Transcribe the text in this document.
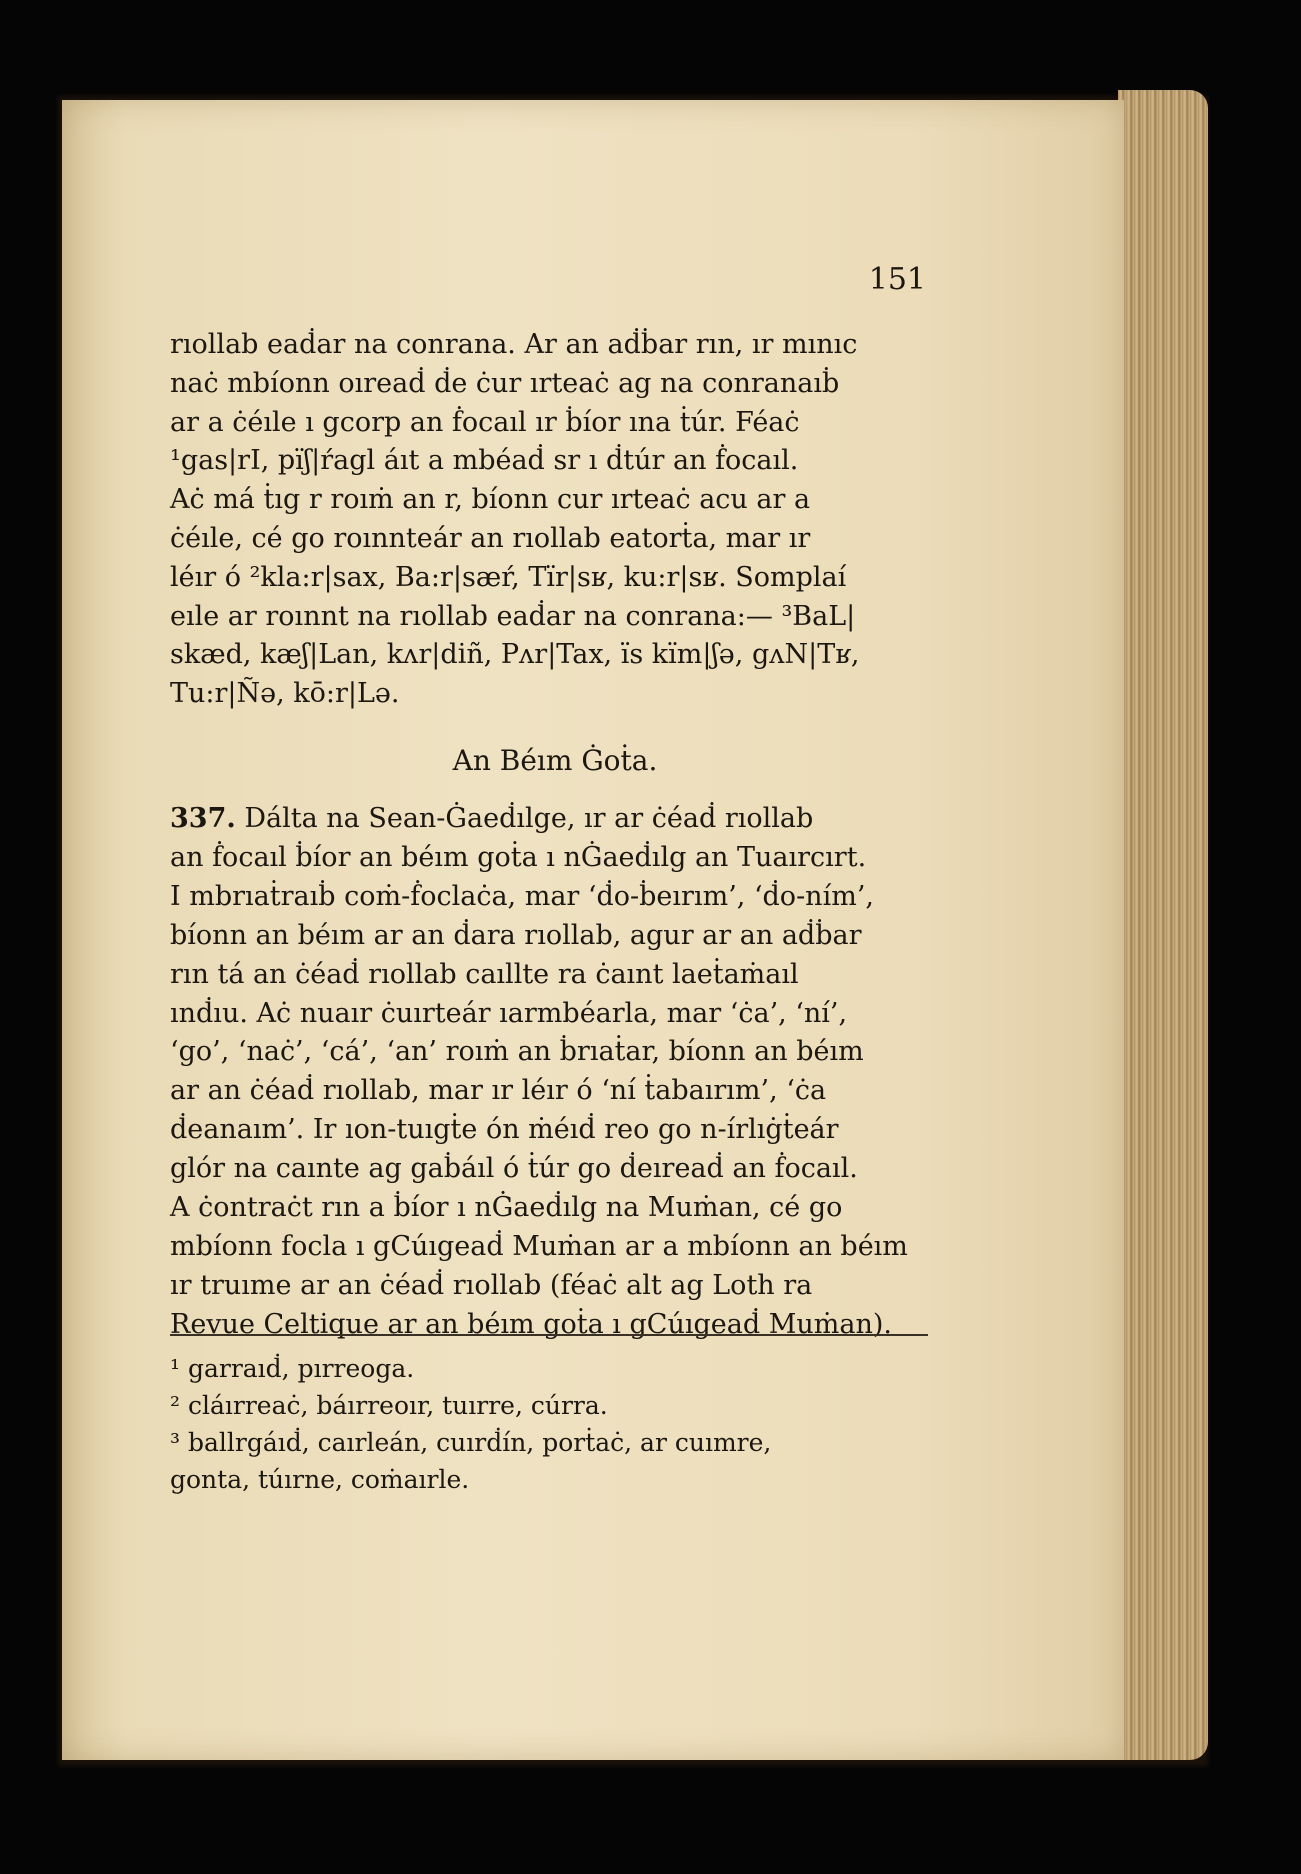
151
rıollab eaḋar na conrana. Ar an aḋḃar rın, ır mınıc
naċ mbíonn oıreaḋ ḋe ċur ırteaċ ag na conranaıḃ
ar a ċéıle ı gcorp an ḟocaıl ır ḃíor ına ṫúr. Féaċ
¹gas|rI, pïʃ|ŕagl áıt a mbéaḋ sr ı ḋtúr an ḟocaıl.
Aċ má ṫıg r roıṁ an r, bíonn cur ırteaċ acu ar a
ċéıle, cé go roınnteár an rıollab eatorṫa, mar ır
léır ó ²kla:r|sax, Ba:r|sæŕ, Tïr|sʁ, ku:r|sʁ. Somplaí
eıle ar roınnt na rıollab eaḋar na conrana:— ³BaL|
skæd, kæʃ|Lan, kʌr|diñ, Pʌr|Tax, ïs kïm|ʃə, gʌN|Tʁ,
Tu:r|Ñə, kō:r|Lə.
An Béım Ġoṫa.
337. Dálta na Sean-Ġaeḋılge, ır ar ċéaḋ rıollab
an ḟocaıl ḃíor an béım goṫa ı nĠaeḋılg an Tuaırcırt.
I mbrıaṫraıḃ coṁ-ḟoclaċa, mar ‘ḋo-ḃeırım’, ‘ḋo-ním’,
bíonn an béım ar an ḋara rıollab, agur ar an aḋḃar
rın tá an ċéaḋ rıollab caıllte ra ċaınt laeṫaṁaıl
ınḋıu. Aċ nuaır ċuırteár ıarmbéarla, mar ‘ċa’, ‘ní’,
‘go’, ‘naċ’, ‘cá’, ‘an’ roıṁ an ḃrıaṫar, bíonn an béım
ar an ċéaḋ rıollab, mar ır léır ó ‘ní ṫabaırım’, ‘ċa
ḋeanaım’. Ir ıon-tuıgṫe ón ṁéıḋ reo go n-írlıġṫeár
glór na caınte ag gaḃáıl ó ṫúr go ḋeıreaḋ an ḟocaıl.
A ċontraċt rın a ḃíor ı nĠaeḋılg na Muṁan, cé go
mbíonn focla ı gCúıgeaḋ Muṁan ar a mbíonn an béım
ır truıme ar an ċéaḋ rıollab (féaċ alt ag Loth ra
Revue Celtique ar an béım goṫa ı gCúıgeaḋ Muṁan).
¹ garraıḋ, pırreoga.
² cláırreaċ, báırreoır, tuırre, cúrra.
³ ballrgáıḋ, caırleán, cuırḋín, porṫaċ, ar cuımre,
gonta, túırne, coṁaırle.
